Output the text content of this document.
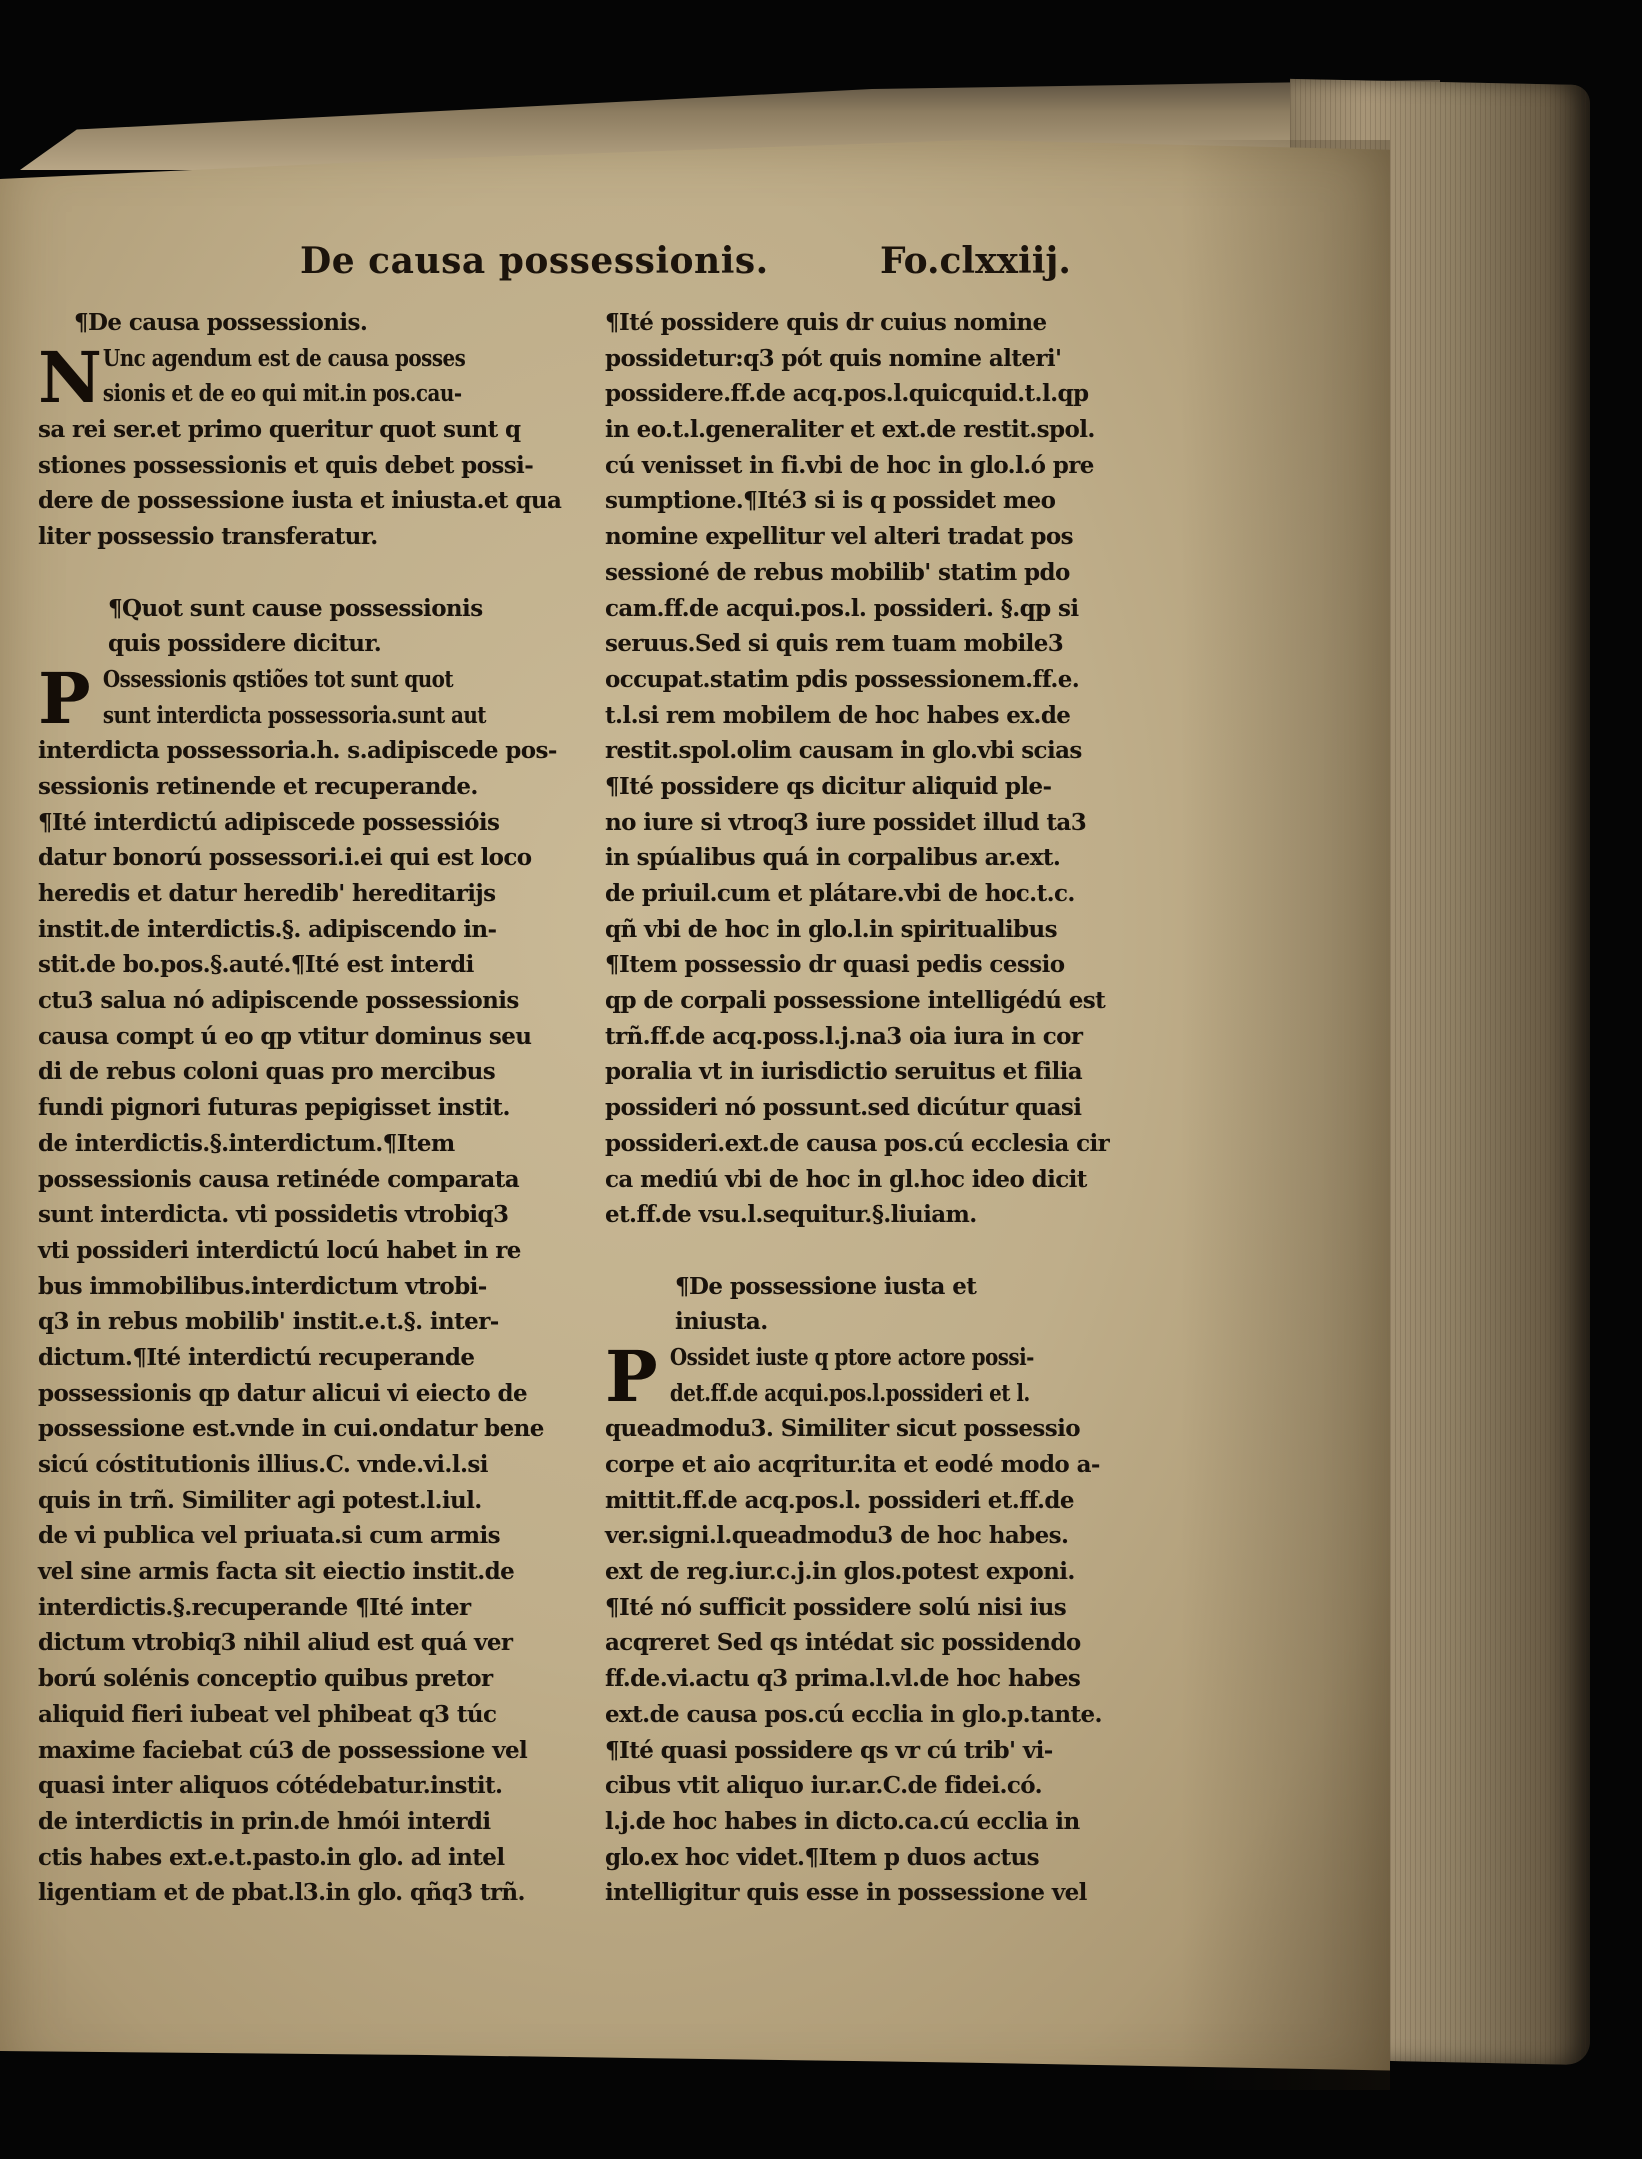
De causa possessionis.	Fo.clxxiij.
¶De causa possessionis.
N Unc agendum est de causa posses
sionis et de eo qui mit.in pos.cau-
sa rei ser.et primo queritur quot sunt q
stiones possessionis et quis debet possi-
dere de possessione iusta et iniusta.et qua
liter possessio transferatur.
¶Quot sunt cause possessionis
quis possidere dicitur.
P Ossessionis qstiões tot sunt quot
sunt interdicta possessoria.sunt aut
interdicta possessoria.h. s.adipiscede pos-
sessionis retinende et recuperande.
¶Ité interdictú adipiscede possessióis
datur bonorú possessori.i.ei qui est loco
heredis et datur heredib' hereditarijs
instit.de interdictis.§. adipiscendo in-
stit.de bo.pos.§.auté.¶Ité est interdi
ctu3 salua nó adipiscende possessionis
causa compt ú eo qp vtitur dominus seu
di de rebus coloni quas pro mercibus
fundi pignori futuras pepigisset instit.
de interdictis.§.interdictum.¶Item
possessionis causa retinéde comparata
sunt interdicta. vti possidetis vtrobiq3
vti possideri interdictú locú habet in re
bus immobilibus.interdictum vtrobi-
q3 in rebus mobilib' instit.e.t.§. inter-
dictum.¶Ité interdictú recuperande
possessionis qp datur alicui vi eiecto de
possessione est.vnde in cui.ondatur bene
sicú cóstitutionis illius.C. vnde.vi.l.si
quis in trñ. Similiter agi potest.l.iul.
de vi publica vel priuata.si cum armis
vel sine armis facta sit eiectio instit.de
interdictis.§.recuperande ¶Ité inter
dictum vtrobiq3 nihil aliud est quá ver
ború solénis conceptio quibus pretor
aliquid fieri iubeat vel phibeat q3 túc
maxime faciebat cú3 de possessione vel
quasi inter aliquos cótédebatur.instit.
de interdictis in prin.de hmói interdi
ctis habes ext.e.t.pasto.in glo. ad intel
ligentiam et de pbat.l3.in glo. qñq3 trñ.
¶Ité possidere quis dr cuius nomine
possidetur:q3 pót quis nomine alteri'
possidere.ff.de acq.pos.l.quicquid.t.l.qp
in eo.t.l.generaliter et ext.de restit.spol.
cú venisset in fi.vbi de hoc in glo.l.ó pre
sumptione.¶Ité3 si is q possidet meo
nomine expellitur vel alteri tradat pos
sessioné de rebus mobilib' statim pdo
cam.ff.de acqui.pos.l. possideri. §.qp si
seruus.Sed si quis rem tuam mobile3
occupat.statim pdis possessionem.ff.e.
t.l.si rem mobilem de hoc habes ex.de
restit.spol.olim causam in glo.vbi scias
¶Ité possidere qs dicitur aliquid ple-
no iure si vtroq3 iure possidet illud ta3
in spúalibus quá in corpalibus ar.ext.
de priuil.cum et plátare.vbi de hoc.t.c.
qñ vbi de hoc in glo.l.in spiritualibus
¶Item possessio dr quasi pedis cessio
qp de corpali possessione intelligédú est
trñ.ff.de acq.poss.l.j.na3 oia iura in cor
poralia vt in iurisdictio seruitus et filia
possideri nó possunt.sed dicútur quasi
possideri.ext.de causa pos.cú ecclesia cir
ca mediú vbi de hoc in gl.hoc ideo dicit
et.ff.de vsu.l.sequitur.§.liuiam.
¶De possessione iusta et
iniusta.
P Ossidet iuste q ptore actore possi-
det.ff.de acqui.pos.l.possideri et l.
queadmodu3. Similiter sicut possessio
corpe et aio acqritur.ita et eodé modo a-
mittit.ff.de acq.pos.l. possideri et.ff.de
ver.signi.l.queadmodu3 de hoc habes.
ext de reg.iur.c.j.in glos.potest exponi.
¶Ité nó sufficit possidere solú nisi ius
acqreret Sed qs intédat sic possidendo
ff.de.vi.actu q3 prima.l.vl.de hoc habes
ext.de causa pos.cú ecclia in glo.p.tante.
¶Ité quasi possidere qs vr cú trib' vi-
cibus vtit aliquo iur.ar.C.de fidei.có.
l.j.de hoc habes in dicto.ca.cú ecclia in
glo.ex hoc videt.¶Item p duos actus
intelligitur quis esse in possessione vel
